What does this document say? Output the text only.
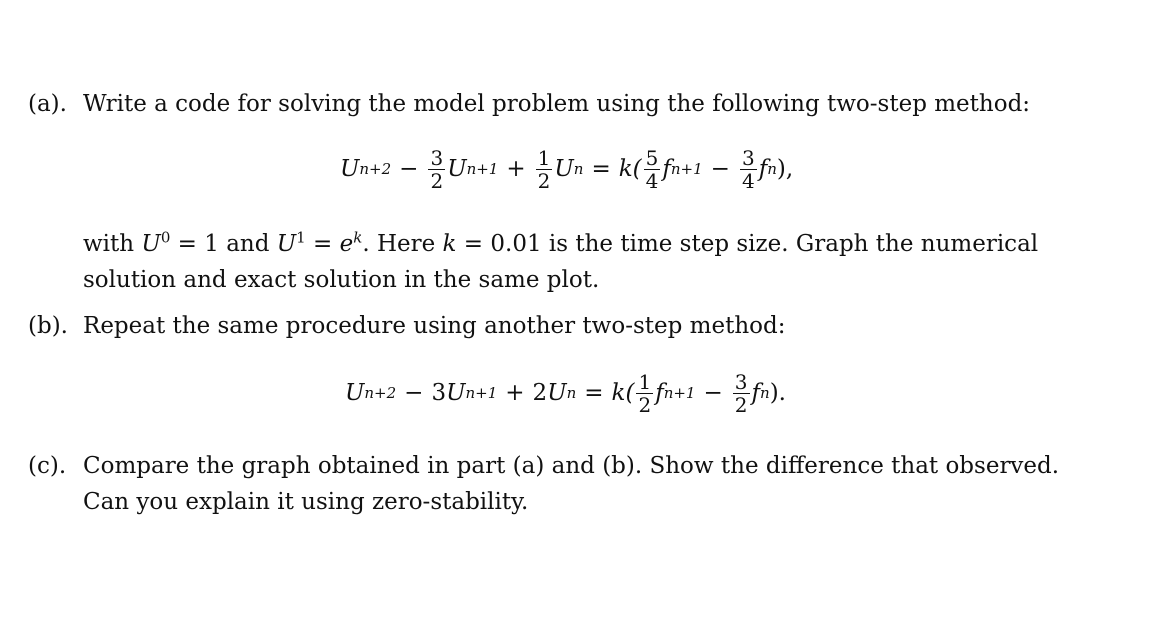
(a). Write a code for solving the model problem using the following two-step method:
U $n+2 - \frac{3}{2}$ U $n+1 + \frac{1}{2}$ U $n = k( \frac{5}{4}$ f $n+1 - \frac{3}{4}$ f n ),
with $U^0 = 1$ and $U^1 = e^k$. Here k = 0.01 is the time step size. Graph the numerical
solution and exact solution in the same plot.
(b). Repeat the same procedure using another two-step method:
U n+2 − 3 U n+1 + 2 U $n = k( \frac{1}{2}$ f $n+1 - \frac{3}{2}$ f n ).
(c). Compare the graph obtained in part (a) and (b). Show the difference that observed.
Can you explain it using zero-stability.
